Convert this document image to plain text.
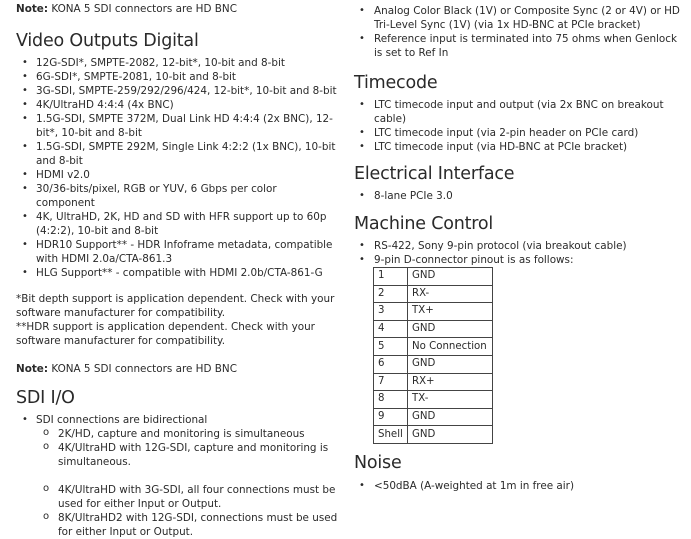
Note: KONA 5 SDI connectors are HD BNC

Video Outputs Digital
• 12G-SDI*, SMPTE-2082, 12-bit*, 10-bit and 8-bit
• 6G-SDI*, SMPTE-2081, 10-bit and 8-bit
• 3G-SDI, SMPTE-259/292/296/424, 12-bit*, 10-bit and 8-bit
• 4K/UltraHD 4:4:4 (4x BNC)
• 1.5G-SDI, SMPTE 372M, Dual Link HD 4:4:4 (2x BNC), 12-bit*, 10-bit and 8-bit
• 1.5G-SDI, SMPTE 292M, Single Link 4:2:2 (1x BNC), 10-bit and 8-bit
• HDMI v2.0
• 30/36-bits/pixel, RGB or YUV, 6 Gbps per color component
• 4K, UltraHD, 2K, HD and SD with HFR support up to 60p (4:2:2), 10-bit and 8-bit
• HDR10 Support** - HDR Infoframe metadata, compatible with HDMI 2.0a/CTA-861.3
• HLG Support** - compatible with HDMI 2.0b/CTA-861-G

*Bit depth support is application dependent. Check with your software manufacturer for compatibility.

**HDR support is application dependent. Check with your software manufacturer for compatibility.

Note: KONA 5 SDI connectors are HD BNC

SDI I/O
• SDI connections are bidirectional
o 2K/HD, capture and monitoring is simultaneous
o 4K/UltraHD with 12G-SDI, capture and monitoring is simultaneous.
o 4K/UltraHD with 3G-SDI, all four connections must be used for either Input or Output.
o 8K/UltraHD2 with 12G-SDI, connections must be used for either Input or Output.
• Analog Color Black (1V) or Composite Sync (2 or 4V) or HD Tri-Level Sync (1V) (via 1x HD-BNC at PCIe bracket)
• Reference input is terminated into 75 ohms when Genlock is set to Ref In
Timecode
• LTC timecode input and output (via 2x BNC on breakout cable)
• LTC timecode input (via 2-pin header on PCIe card)
• LTC timecode input (via HD-BNC at PCIe bracket)
Electrical Interface
• 8-lane PCIe 3.0
Machine Control
• RS-422, Sony 9-pin protocol (via breakout cable)
• 9-pin D-connector pinout is as follows:
1	GND
2	RX-
3	TX+
4	GND
5	No Connection
6	GND
7	RX+
8	TX-
9	GND
Shell	GND
Noise
• <50dBA (A-weighted at 1m in free air)
